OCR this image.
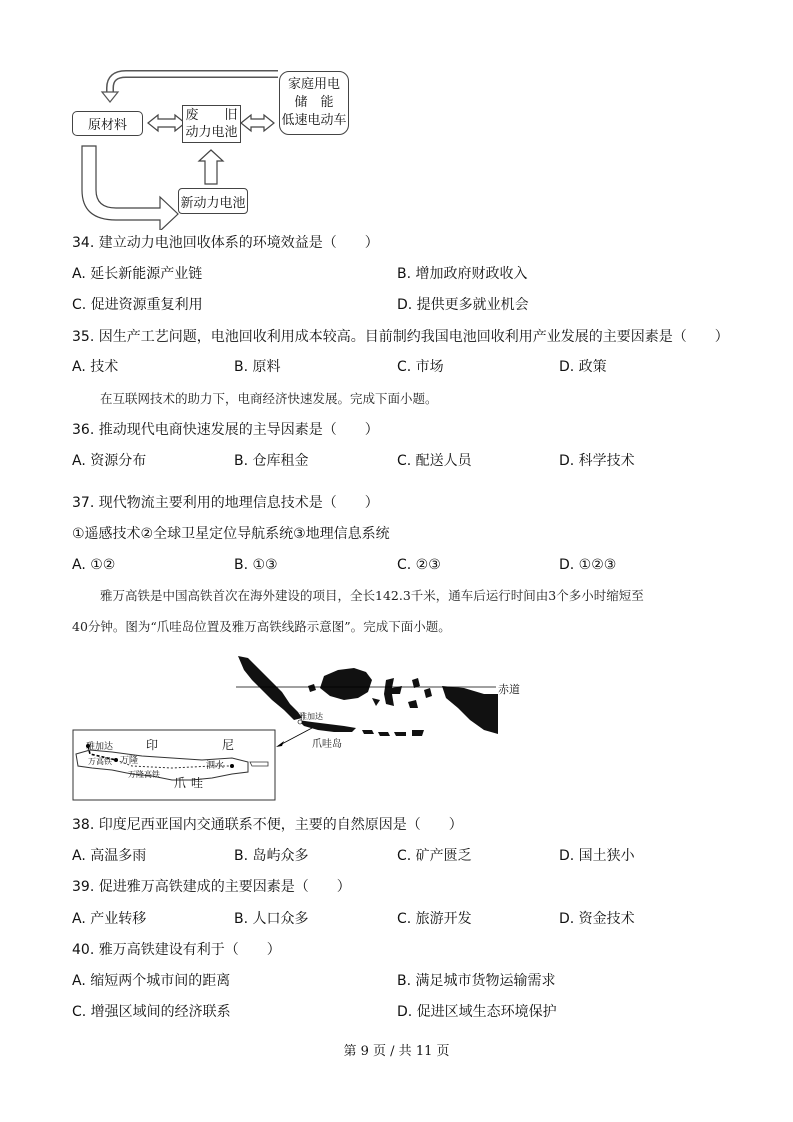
原材料
废　　旧
动力电池
家庭用电
储　能
低速电动车
新动力电池
34. 建立动力电池回收体系的环境效益是（　　）
A. 延长新能源产业链	B. 增加政府财政收入
C. 促进资源重复利用	D. 提供更多就业机会
35. 因生产工艺问题，电池回收利用成本较高。目前制约我国电池回收利用产业发展的主要因素是（　　）
A. 技术	B. 原料	C. 市场	D. 政策
在互联网技术的助力下，电商经济快速发展。完成下面小题。
36. 推动现代电商快速发展的主导因素是（　　）
A. 资源分布	B. 仓库租金	C. 配送人员	D. 科学技术
37. 现代物流主要利用的地理信息技术是（　　）
①遥感技术②全球卫星定位导航系统③地理信息系统
A. ①②	B. ①③	C. ②③	D. ①②③
雅万高铁是中国高铁首次在海外建设的项目，全长142.3千米，通车后运行时间由3个多小时缩短至
40分钟。图为“爪哇岛位置及雅万高铁线路示意图”。完成下面小题。
赤道
雅加达
爪哇岛
印	尼
雅加达
万高铁 万隆
万隆高铁
泗水
爪 哇
38. 印度尼西亚国内交通联系不便，主要的自然原因是（　　）
A. 高温多雨	B. 岛屿众多	C. 矿产匮乏	D. 国土狭小
39. 促进雅万高铁建成的主要因素是（　　）
A. 产业转移	B. 人口众多	C. 旅游开发	D. 资金技术
40. 雅万高铁建设有利于（　　）
A. 缩短两个城市间的距离	B. 满足城市货物运输需求
C. 增强区域间的经济联系	D. 促进区域生态环境保护
第 9 页 / 共 11 页
